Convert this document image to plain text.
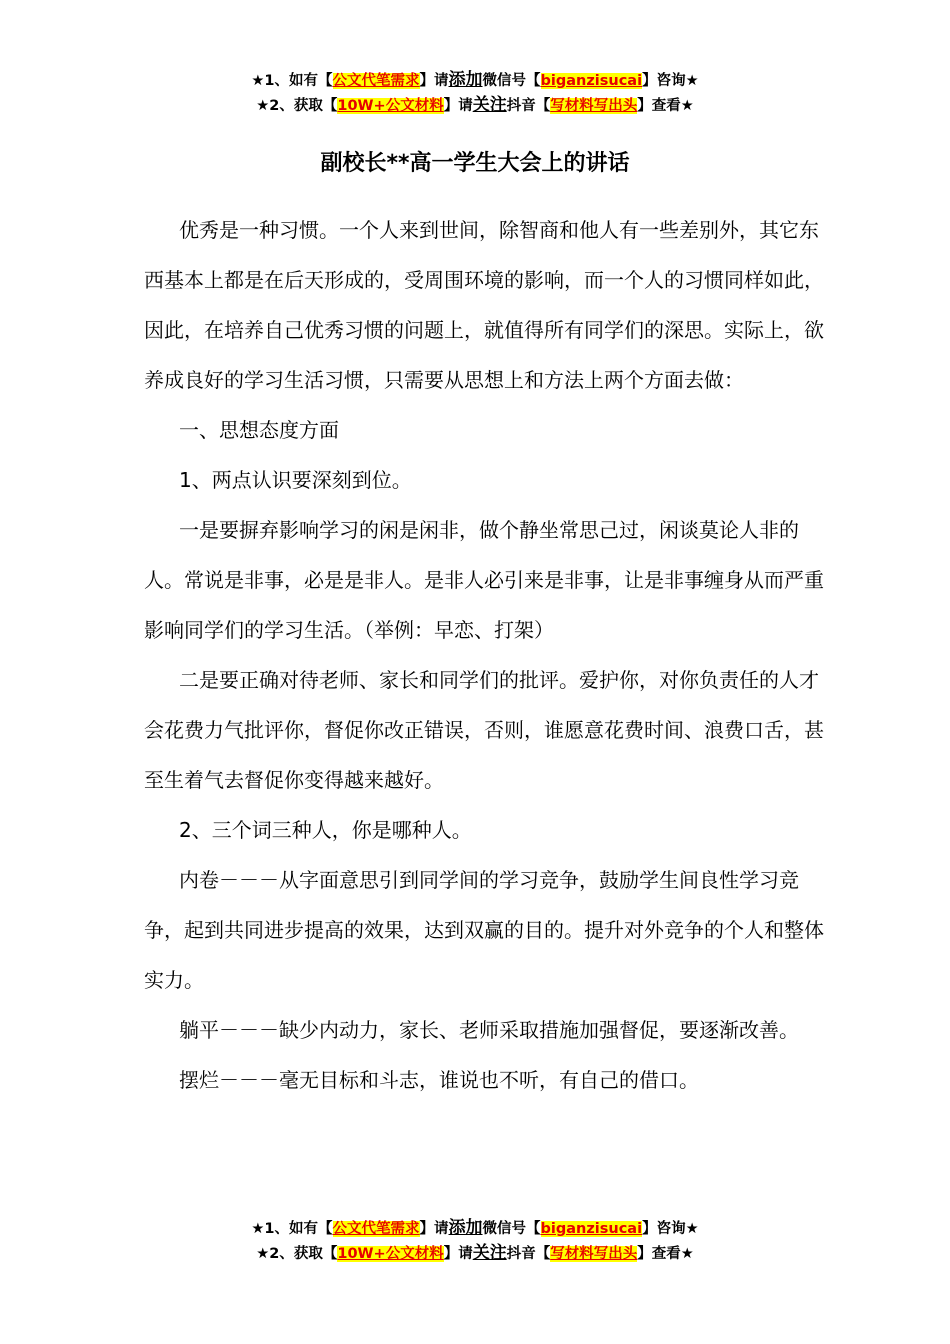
★1、如有【公文代笔需求】请添加微信号【biganzisucai】咨询★
★2、获取【10W+公文材料】请关注抖音【写材料写出头】查看★
副校长**高一学生大会上的讲话

优秀是一种习惯。一个人来到世间，除智商和他人有一些差别外，其它东西基本上都是在后天形成的，受周围环境的影响，而一个人的习惯同样如此，因此，在培养自己优秀习惯的问题上，就值得所有同学们的深思。实际上，欲养成良好的学习生活习惯，只需要从思想上和方法上两个方面去做：

一、思想态度方面

1、两点认识要深刻到位。

一是要摒弃影响学习的闲是闲非，做个静坐常思己过，闲谈莫论人非的人。常说是非事，必是是非人。是非人必引来是非事，让是非事缠身从而严重影响同学们的学习生活。（举例：早恋、打架）

二是要正确对待老师、家长和同学们的批评。爱护你，对你负责任的人才会花费力气批评你，督促你改正错误，否则，谁愿意花费时间、浪费口舌，甚至生着气去督促你变得越来越好。

2、三个词三种人，你是哪种人。

内卷－－－从字面意思引到同学间的学习竞争，鼓励学生间良性学习竞争，起到共同进步提高的效果，达到双赢的目的。提升对外竞争的个人和整体实力。

躺平－－－缺少内动力，家长、老师采取措施加强督促，要逐渐改善。

摆烂－－－毫无目标和斗志，谁说也不听，有自己的借口。

★1、如有【公文代笔需求】请添加微信号【biganzisucai】咨询★
★2、获取【10W+公文材料】请关注抖音【写材料写出头】查看★
